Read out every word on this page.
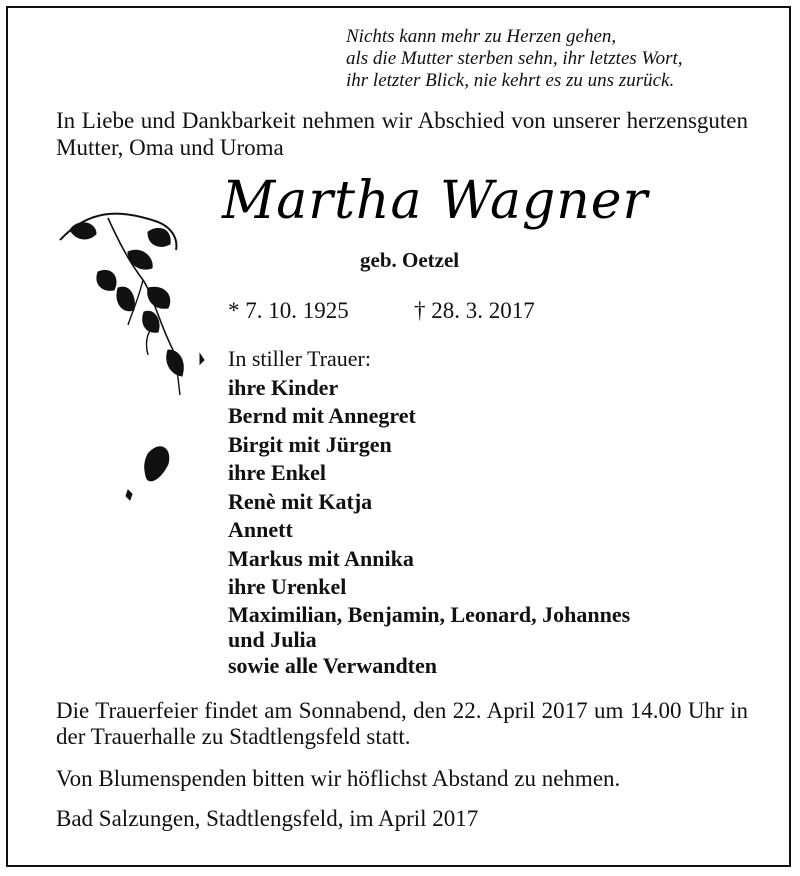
Nichts kann mehr zu Herzen gehen,
als die Mutter sterben sehn, ihr letztes Wort,
ihr letzter Blick, nie kehrt es zu uns zurück.
In Liebe und Dankbarkeit nehmen wir Abschied von unserer herzensguten Mutter, Oma und Uroma
Martha Wagner
geb. Oetzel
* 7. 10. 1925	† 28. 3. 2017
In stiller Trauer:
ihre Kinder
Bernd mit Annegret
Birgit mit Jürgen
ihre Enkel
Renè mit Katja
Annett
Markus mit Annika
ihre Urenkel
Maximilian, Benjamin, Leonard, Johannes
und Julia
sowie alle Verwandten
Die Trauerfeier findet am Sonnabend, den 22. April 2017 um 14.00 Uhr in der Trauerhalle zu Stadtlengsfeld statt.
Von Blumenspenden bitten wir höflichst Abstand zu nehmen.
Bad Salzungen, Stadtlengsfeld, im April 2017
